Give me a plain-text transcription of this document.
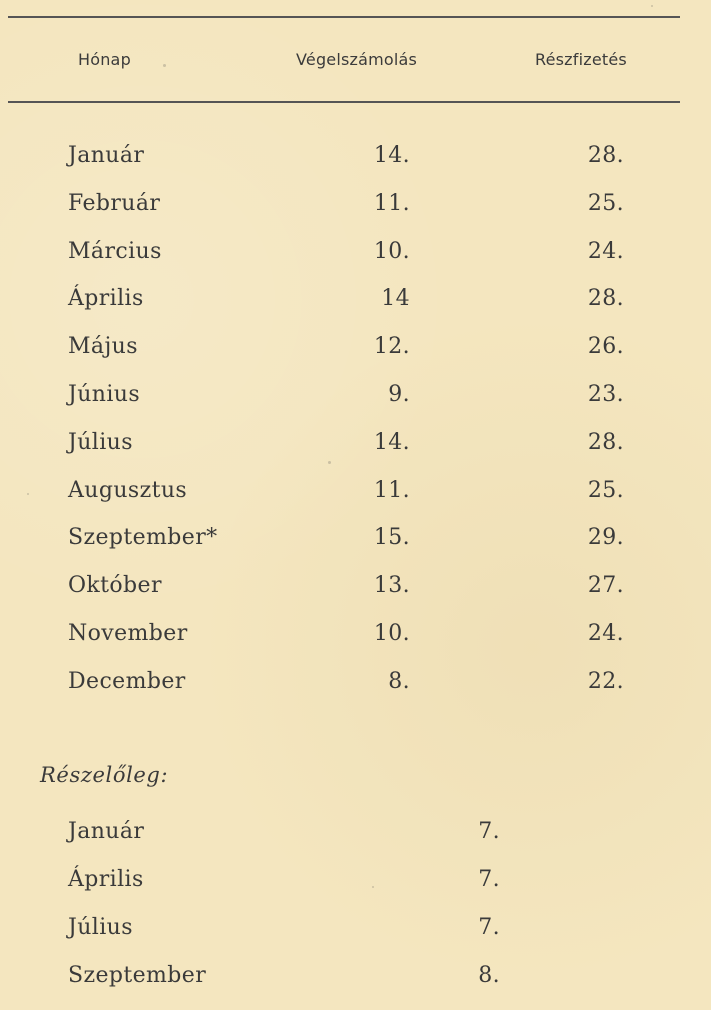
Hónap	Végelszámolás	Részfizetés
Január	14.	28.
Február	11.	25.
Március	10.	24.
Április	14	28.
Május	12.	26.
Június	9.	23.
Július	14.	28.
Augusztus	11.	25.
Szeptember*	15.	29.
Október	13.	27.
November	10.	24.
December	8.	22.
Részelőleg:
Január	7.
Április	7.
Július	7.
Szeptember	8.
